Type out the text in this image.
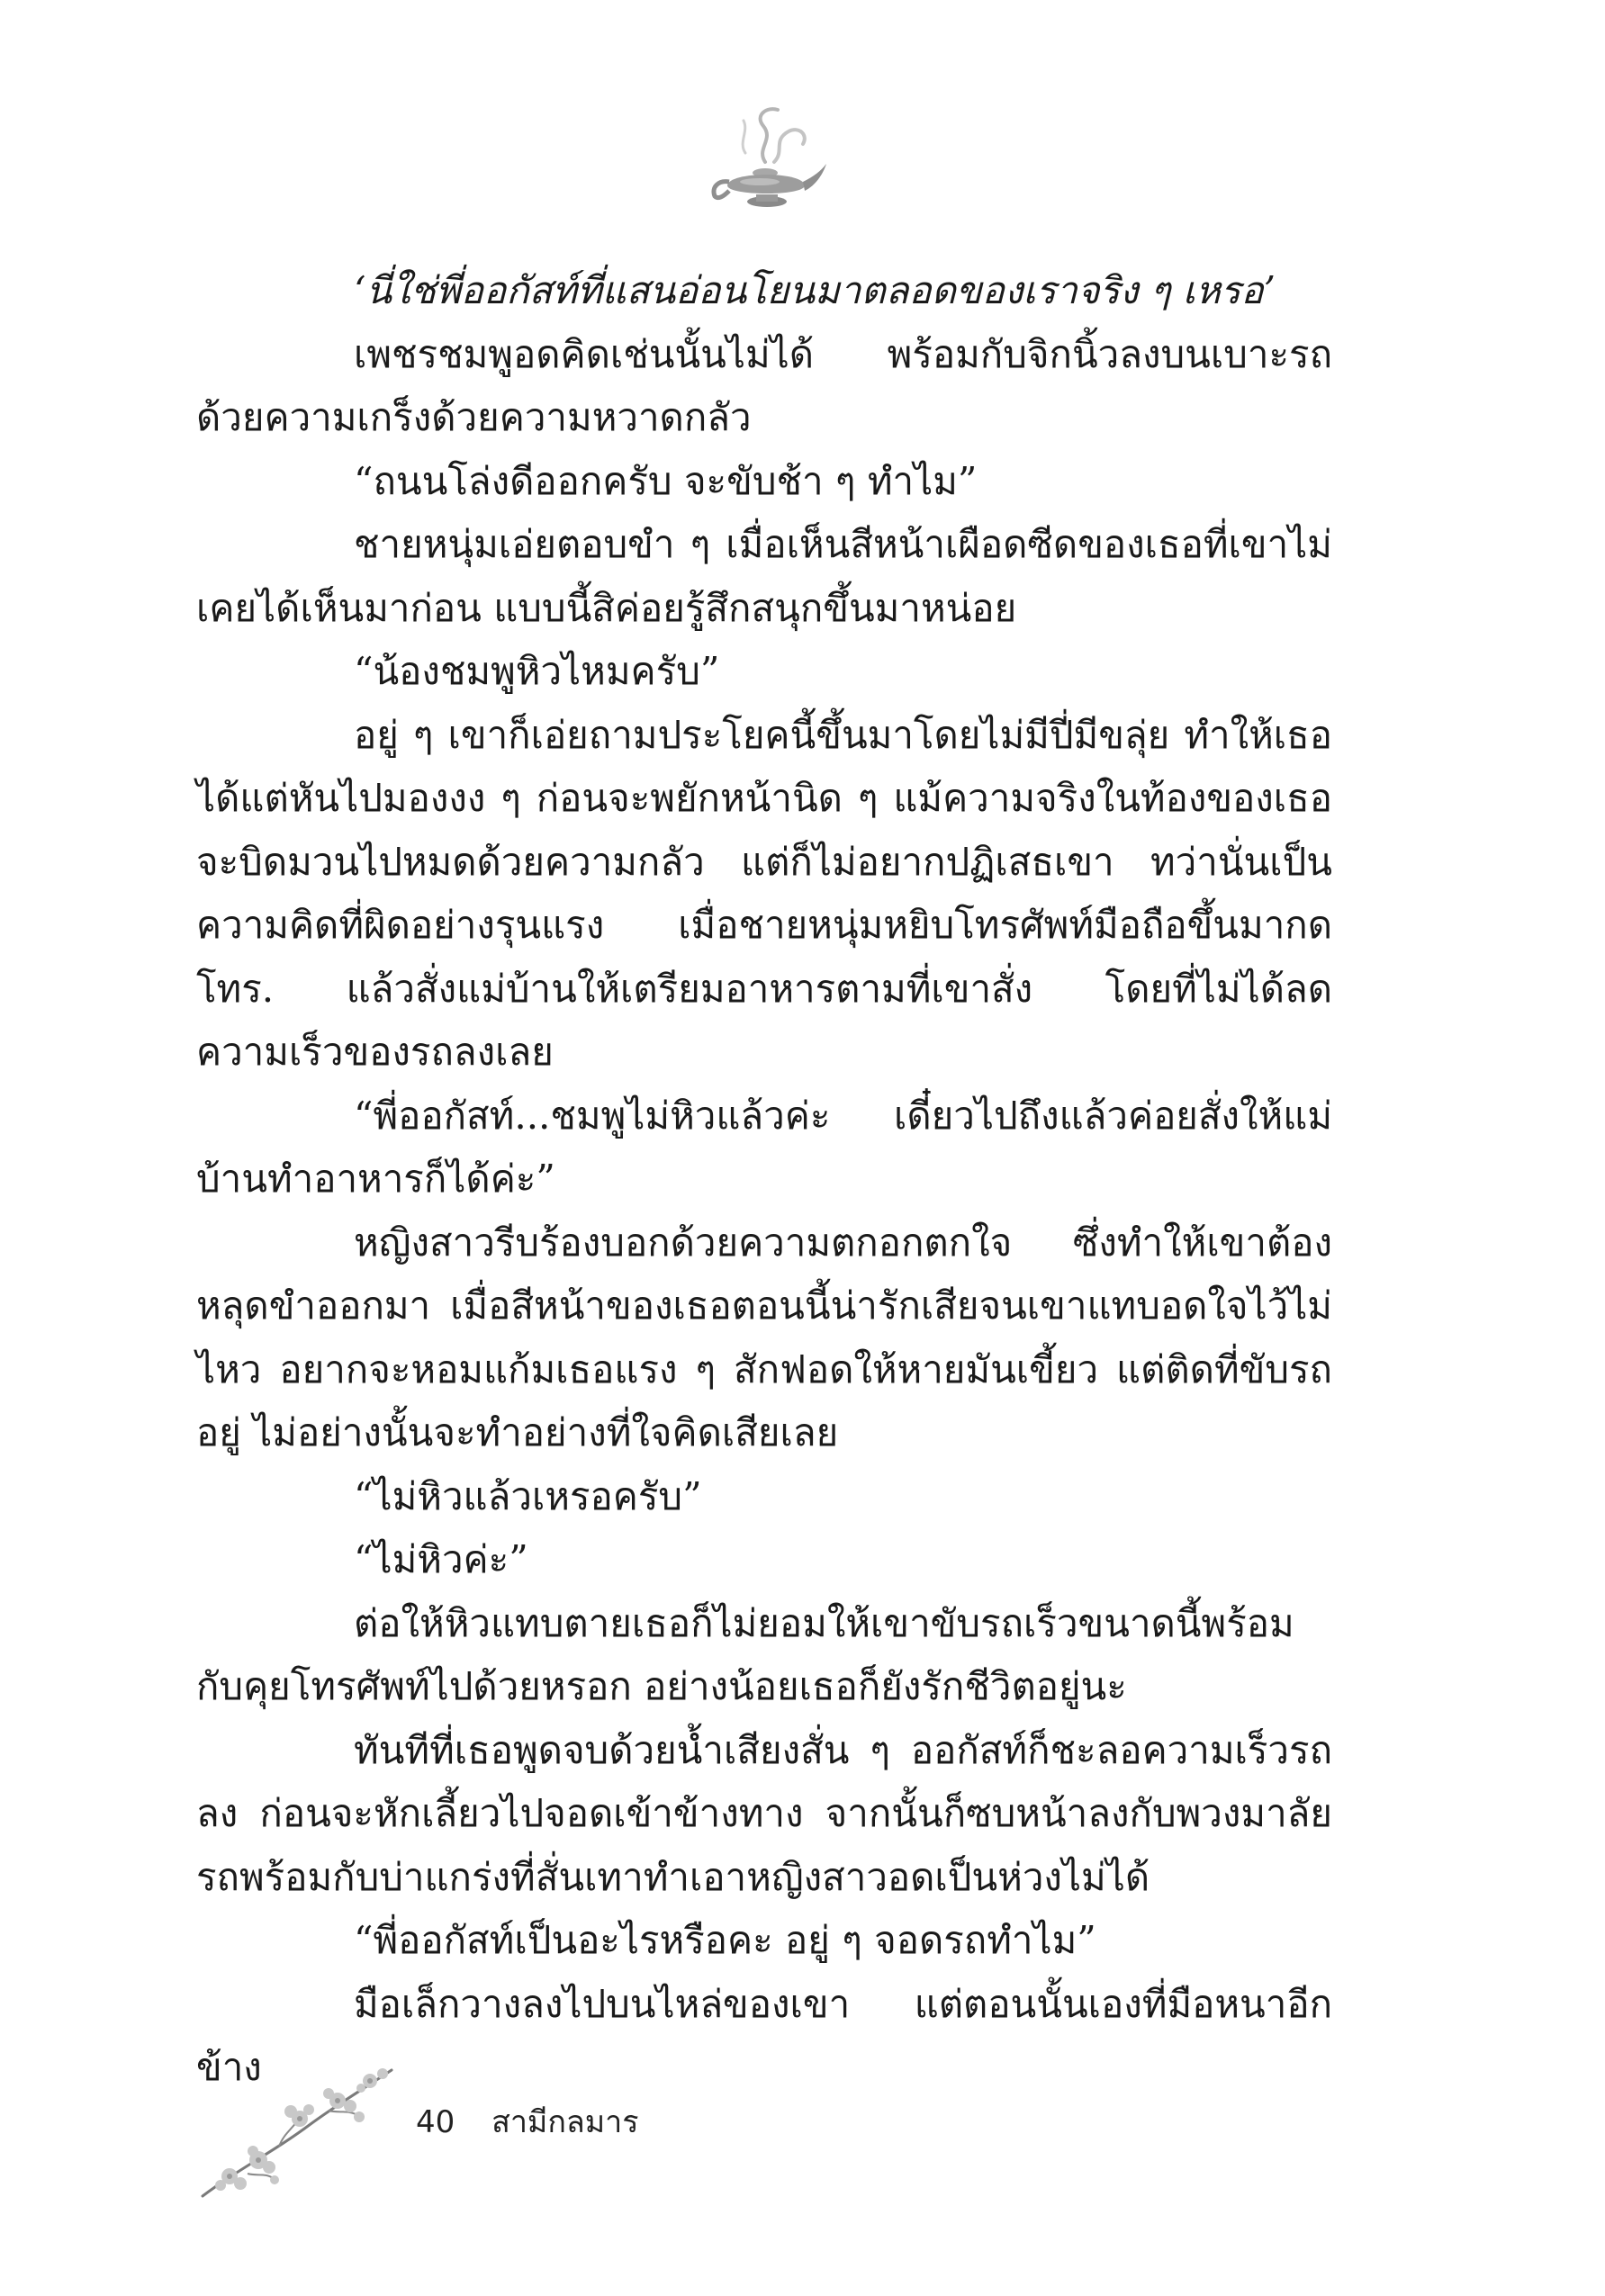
‘นี่ใช่พี่ออกัสท์ที่แสนอ่อนโยนมาตลอดของเราจริง ๆ เหรอ’

เพชรชมพูอดคิดเช่นนั้นไม่ได้ พร้อมกับจิกนิ้วลงบนเบาะรถด้วยความเกร็งด้วยความหวาดกลัว

“ถนนโล่งดีออกครับ จะขับช้า ๆ ทำไม”

ชายหนุ่มเอ่ยตอบขำ ๆ เมื่อเห็นสีหน้าเผือดซีดของเธอที่เขาไม่เคยได้เห็นมาก่อน แบบนี้สิค่อยรู้สึกสนุกขึ้นมาหน่อย

“น้องชมพูหิวไหมครับ”

อยู่ ๆ เขาก็เอ่ยถามประโยคนี้ขึ้นมาโดยไม่มีปี่มีขลุ่ย ทำให้เธอได้แต่หันไปมองงง ๆ ก่อนจะพยักหน้านิด ๆ แม้ความจริงในท้องของเธอจะบิดมวนไปหมดด้วยความกลัว แต่ก็ไม่อยากปฏิเสธเขา ทว่านั่นเป็นความคิดที่ผิดอย่างรุนแรง เมื่อชายหนุ่มหยิบโทรศัพท์มือถือขึ้นมากดโทร. แล้วสั่งแม่บ้านให้เตรียมอาหารตามที่เขาสั่ง โดยที่ไม่ได้ลดความเร็วของรถลงเลย

“พี่ออกัสท์...ชมพูไม่หิวแล้วค่ะ เดี๋ยวไปถึงแล้วค่อยสั่งให้แม่บ้านทำอาหารก็ได้ค่ะ”

หญิงสาวรีบร้องบอกด้วยความตกอกตกใจ ซึ่งทำให้เขาต้องหลุดขำออกมา เมื่อสีหน้าของเธอตอนนี้น่ารักเสียจนเขาแทบอดใจไว้ไม่ไหว อยากจะหอมแก้มเธอแรง ๆ สักฟอดให้หายมันเขี้ยว แต่ติดที่ขับรถอยู่ ไม่อย่างนั้นจะทำอย่างที่ใจคิดเสียเลย

“ไม่หิวแล้วเหรอครับ”

“ไม่หิวค่ะ”

ต่อให้หิวแทบตายเธอก็ไม่ยอมให้เขาขับรถเร็วขนาดนี้พร้อมกับคุยโทรศัพท์ไปด้วยหรอก อย่างน้อยเธอก็ยังรักชีวิตอยู่นะ

ทันทีที่เธอพูดจบด้วยน้ำเสียงสั่น ๆ ออกัสท์ก็ชะลอความเร็วรถลง ก่อนจะหักเลี้ยวไปจอดเข้าข้างทาง จากนั้นก็ซบหน้าลงกับพวงมาลัยรถพร้อมกับบ่าแกร่งที่สั่นเทาทำเอาหญิงสาวอดเป็นห่วงไม่ได้

“พี่ออกัสท์เป็นอะไรหรือคะ อยู่ ๆ จอดรถทำไม”

มือเล็กวางลงไปบนไหล่ของเขา แต่ตอนนั้นเองที่มือหนาอีกข้าง

40 สามีกลมาร
